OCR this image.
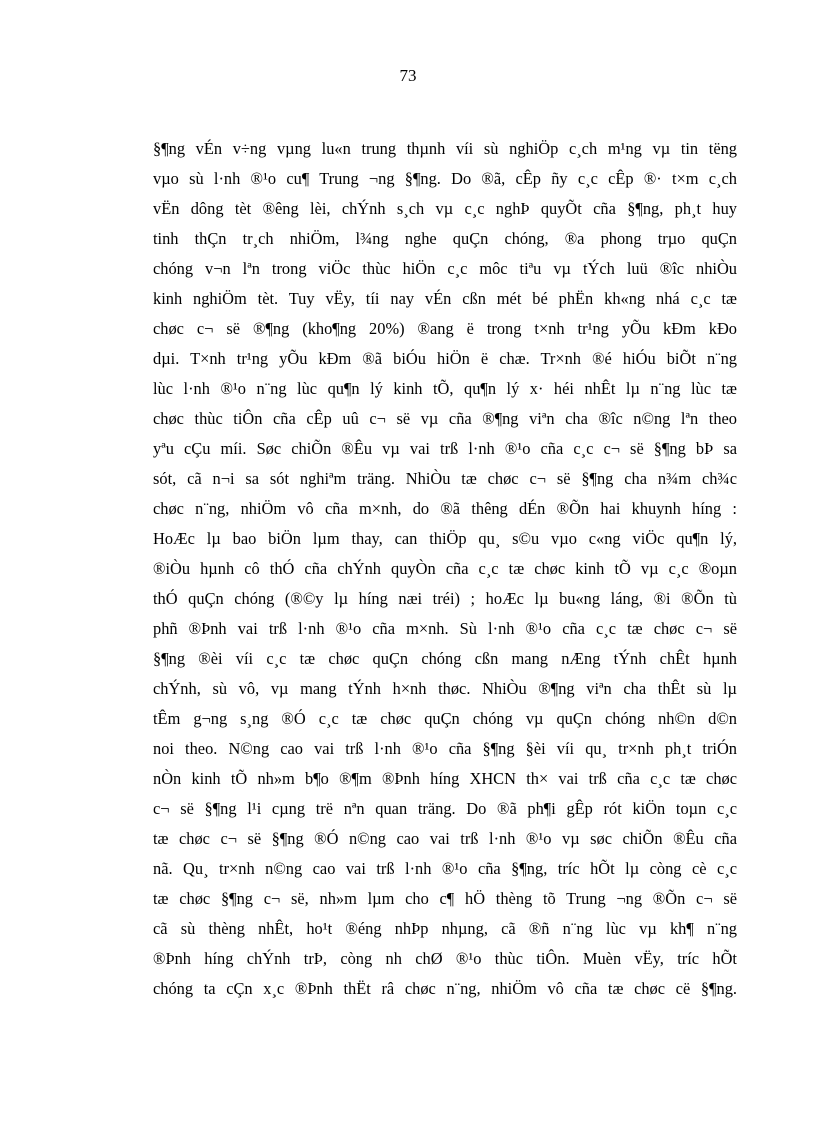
73
§¶ng vÉn v÷ng vµng lu«n trung thµnh víi sù nghiÖp c¸ch m¹ng vµ tin tëng
vµo sù l·nh ®¹o cu¶ Trung ¬ng §¶ng. Do ®ã, cÊp ñy c¸c cÊp ®· t×m c¸ch
vËn dông tèt ®êng lèi, chÝnh s¸ch vµ c¸c nghÞ quyÕt cña §¶ng, ph¸t huy
tinh thÇn tr¸ch nhiÖm, l¾ng nghe quÇn chóng, ®a phong trµo quÇn
chóng v¬n lªn trong viÖc thùc hiÖn c¸c môc tiªu vµ tÝch luü ®îc nhiÒu
kinh nghiÖm tèt. Tuy vËy, tíi nay vÉn cßn mét bé phËn kh«ng nhá c¸c tæ
chøc c¬ së ®¶ng (kho¶ng 20%) ®ang ë trong t×nh tr¹ng yÕu kÐm kÐo
dµi. T×nh tr¹ng yÕu kÐm ®ã biÓu hiÖn ë chæ. Tr×nh ®é hiÓu biÕt n¨ng
lùc l·nh ®¹o n¨ng lùc qu¶n lý kinh tÕ, qu¶n lý x· héi nhÊt lµ n¨ng lùc tæ
chøc thùc tiÔn cña cÊp uû c¬ së vµ cña ®¶ng viªn cha ®îc n©ng lªn theo
yªu cÇu míi. Søc chiÕn ®Êu vµ vai trß l·nh ®¹o cña c¸c c¬ së §¶ng bÞ sa
sót, cã n¬i sa sót nghiªm träng. NhiÒu tæ chøc c¬ së §¶ng cha n¾m ch¾c
chøc n¨ng, nhiÖm vô cña m×nh, do ®ã thêng dÉn ®Õn hai khuynh híng :
HoÆc lµ bao biÖn lµm thay, can thiÖp qu¸ s©u vµo c«ng viÖc qu¶n lý,
®iÒu hµnh cô thÓ cña chÝnh quyÒn cña c¸c tæ chøc kinh tÕ vµ c¸c ®oµn
thÓ quÇn chóng (®©y lµ híng næi tréi) ; hoÆc lµ bu«ng láng, ®i ®Õn tù
phñ ®Þnh vai trß l·nh ®¹o cña m×nh. Sù l·nh ®¹o cña c¸c tæ chøc c¬ së
§¶ng ®èi víi c¸c tæ chøc quÇn chóng cßn mang nÆng tÝnh chÊt hµnh
chÝnh, sù vô, vµ mang tÝnh h×nh thøc. NhiÒu ®¶ng viªn cha thÊt sù lµ
tÊm g¬ng s¸ng ®Ó c¸c tæ chøc quÇn chóng vµ quÇn chóng nh©n d©n
noi theo. N©ng cao vai trß l·nh ®¹o cña §¶ng §èi víi qu¸ tr×nh ph¸t triÓn
nÒn kinh tÕ nh»m b¶o ®¶m ®Þnh híng XHCN th× vai trß cña c¸c tæ chøc
c¬ së §¶ng l¹i cµng trë nªn quan träng. Do ®ã ph¶i gÊp rót kiÖn toµn c¸c
tæ chøc c¬ së §¶ng ®Ó n©ng cao vai trß l·nh ®¹o vµ søc chiÕn ®Êu cña
nã. Qu¸ tr×nh n©ng cao vai trß l·nh ®¹o cña §¶ng, tríc hÕt lµ còng cè c¸c
tæ chøc §¶ng c¬ së, nh»m lµm cho c¶ hÖ thèng tõ Trung ¬ng ®Õn c¬ së
cã sù thèng nhÊt, ho¹t ®éng nhÞp nhµng, cã ®ñ n¨ng lùc vµ kh¶ n¨ng
®Þnh híng chÝnh trÞ, còng nh chØ ®¹o thùc tiÔn. Muèn vËy, tríc hÕt
chóng ta cÇn x¸c ®Þnh thËt râ chøc n¨ng, nhiÖm vô cña tæ chøc cë §¶ng.
